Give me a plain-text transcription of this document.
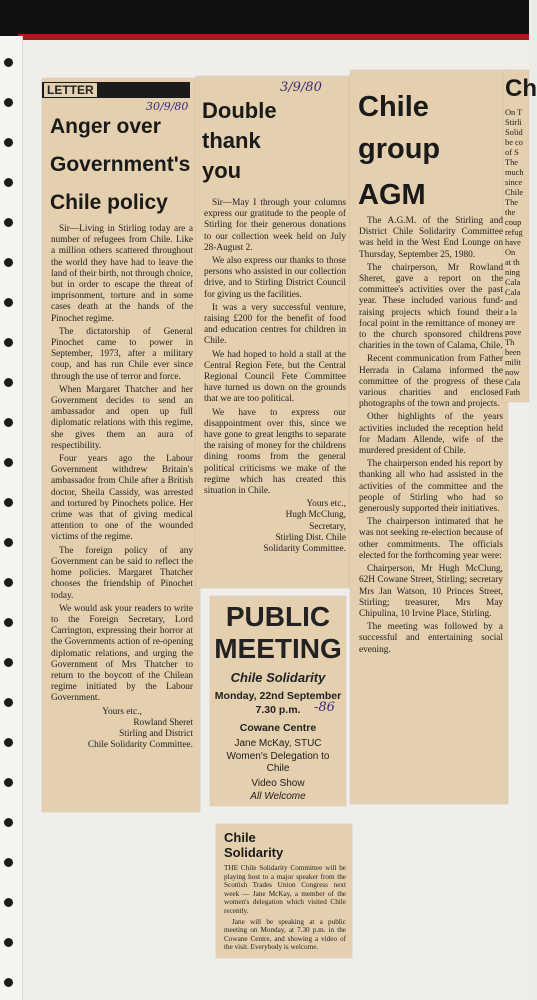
LETTER
30/9/80
Anger over
Government's
Chile policy

Sir—Living in Stirling today are a number of refugees from Chile. Like a million others scattered throughout the world they have had to leave the land of their birth, not through choice, but in order to escape the threat of imprisonment, torture and in some cases death at the hands of the Pinochet regime.

The dictatorship of General Pinochet came to power in September, 1973, after a military coup, and has run Chile ever since through the use of terror and force.

When Margaret Thatcher and her Government decides to send an ambassador and open up full diplomatic relations with this regime, she gives them an aura of respectibility.

Four years ago the Labour Government withdrew Britain's ambassador from Chile after a British doctor, Sheila Cassidy, was arrested and tortured by Pinochets police. Her crime was that of giving medical attention to one of the wounded victims of the regime.

The foreign policy of any Government can be said to reflect the home policies. Margaret Thatcher chooses the friendship of Pinochet today.

We would ask your readers to write to the Foreign Secretary, Lord Carrington, expressing their horror at the Governments action of re-opening diplomatic relations, and urging the Government of Mrs Thatcher to return to the boycott of the Chilean regime initiated by the Labour Government.

Yours etc.,
Rowland Sheret
Stirling and District
Chile Solidarity Committee.
3/9/80
Double
thank
you

Sir—May I through your columns express our gratitude to the people of Stirling for their generous donations to our collection week held on July 28-August 2.

We also express our thanks to those persons who assisted in our collection drive, and to Stirling District Council for giving us the facilities.

It was a very successful venture, raising £200 for the benefit of food and education centres for children in Chile.

We had hoped to hold a stall at the Central Region Fete, but the Central Regional Council Fete Committee have turned us down on the grounds that we are too political.

We have to express our disappointment over this, since we have gone to great lengths to separate the raising of money for the childrens dining rooms from the general political criticisms we make of the regime which has created this situation in Chile.

Yours etc.,
Hugh McClung,
Secretary,
Stirling Dist. Chile
Solidarity Committee.
Chile
group
AGM

The A.G.M. of the Stirling and District Chile Solidarity Committee was held in the West End Lounge on Thursday, September 25, 1980.

The chairperson, Mr Rowland Sheret, gave a report on the committee's activities over the past year. These included various fund-raising projects which found their focal point in the remittance of money to the church sponsored childrens charities in the town of Calama, Chile.

Recent communication from Father Herrada in Calama informed the committee of the progress of these various charities and enclosed photographs of the town and projects.

Other highlights of the years activities included the reception held for Madam Allende, wife of the murdered president of Chile.

The chairperson ended his report by thanking all who had assisted in the activities of the committee and the people of Stirling who had so generously supported their initiatives.

The chairperson intimated that he was not seeking re-election because of other commitments. The officials elected for the forthcoming year were:

Chairperson, Mr Hugh McClung, 62H Cowane Street, Stirling; secretary Mrs Jan Watson, 10 Princes Street, Stirling; treasurer, Mrs May Chipulina, 10 Irvine Place, Stirling.

The meeting was followed by a successful and entertaining social evening.

Ch
On T
Stirli
Solid
be co
of S
The
much
since
Chile
The
the
coup
refug
have
On
at th
ning
Cala
Cala
and
a la
are
pove
Th
been
milit
now
Cala
Fath
PUBLIC
MEETING
Chile Solidarity
Monday, 22nd September
7.30 p.m.	-86
Cowane Centre
Jane McKay, STUC
Women's Delegation to Chile
Video Show
All Welcome
Chile
Solidarity

THE Chile Solidarity Committee will be playing host to a major speaker from the Scottish Trades Union Congress next week — Jane McKay, a member of the women's delegation which visited Chile recently.

Jane will be speaking at a public meeting on Monday, at 7.30 p.m. in the Cowane Centre, and showing a video of the visit. Everybody is welcome.
